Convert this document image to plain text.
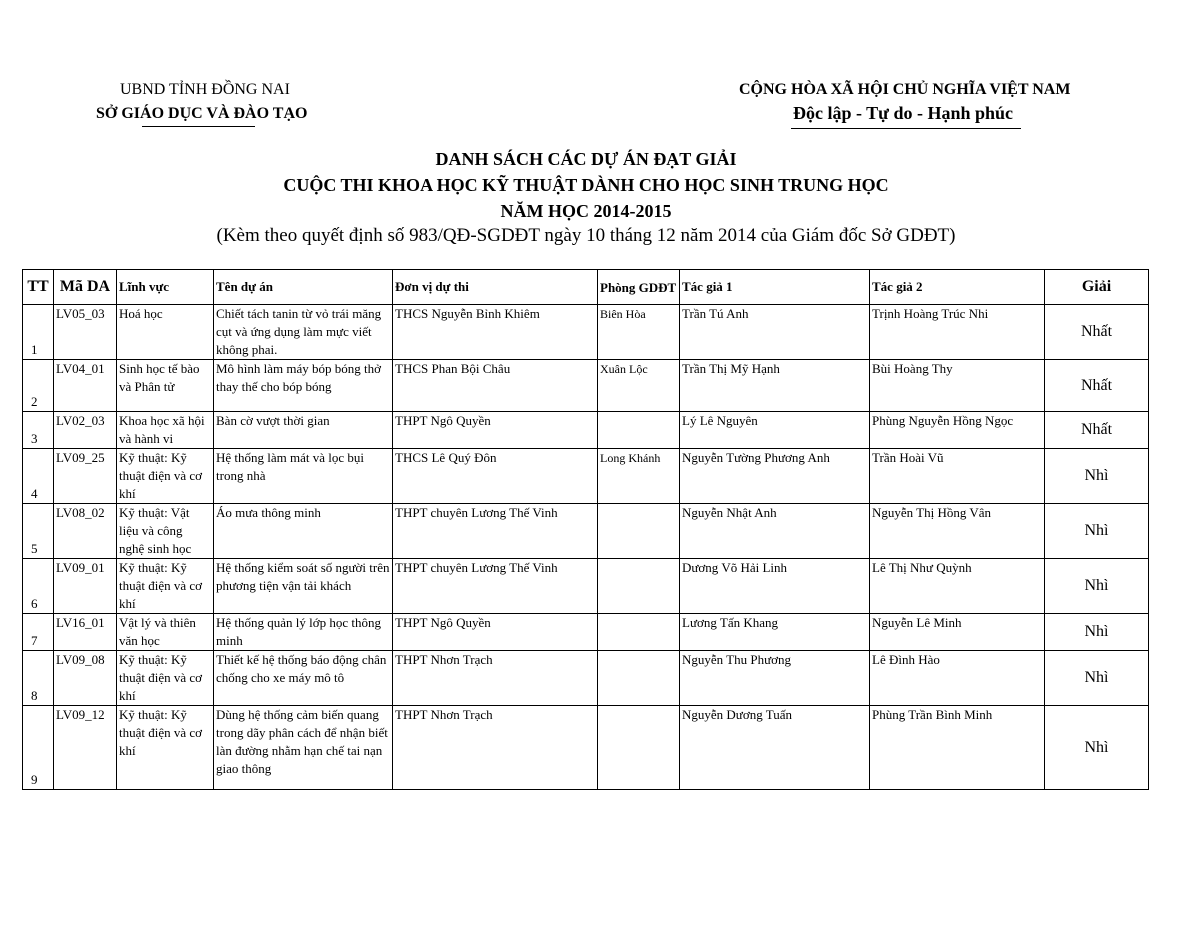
UBND TỈNH ĐỒNG NAI
SỞ GIÁO DỤC VÀ ĐÀO TẠO
CỘNG HÒA XÃ HỘI CHỦ NGHĨA VIỆT NAM
Độc lập - Tự do - Hạnh phúc
DANH SÁCH CÁC DỰ ÁN ĐẠT GIẢI
CUỘC THI KHOA HỌC KỸ THUẬT DÀNH CHO HỌC SINH TRUNG HỌC
NĂM HỌC 2014-2015
(Kèm theo quyết định số 983/QĐ-SGDĐT ngày 10 tháng 12 năm 2014 của Giám đốc Sở GDĐT)
TT	Mã DA	Lĩnh vực	Tên dự án	Đơn vị dự thi	Phòng GDĐT	Tác giả 1	Tác giả 2	Giải
1	LV05_03	Hoá học	Chiết tách tanin từ vỏ trái măng cụt và ứng dụng làm mực viết không phai.	THCS Nguyễn Bỉnh Khiêm	Biên Hòa	Trần Tú Anh	Trịnh Hoàng Trúc Nhi	Nhất
2	LV04_01	Sinh học tế bào và Phân tử	Mô hình làm máy bóp bóng thở thay thế cho bóp bóng	THCS Phan Bội Châu	Xuân Lộc	Trần Thị Mỹ Hạnh	Bùi Hoàng Thy	Nhất
3	LV02_03	Khoa học xã hội và hành vi	Bàn cờ vượt thời gian	THPT Ngô Quyền		Lý Lê Nguyên	Phùng Nguyễn Hồng Ngọc	Nhất
4	LV09_25	Kỹ thuật: Kỹ thuật điện và cơ khí	Hệ thống làm mát và lọc bụi trong nhà	THCS Lê Quý Đôn	Long Khánh	Nguyễn Tường Phương Anh	Trần Hoài Vũ	Nhì
5	LV08_02	Kỹ thuật: Vật liệu và công nghệ sinh học	Áo mưa thông minh	THPT chuyên Lương Thế Vinh		Nguyễn Nhật Anh	Nguyễn Thị Hồng Vân	Nhì
6	LV09_01	Kỹ thuật: Kỹ thuật điện và cơ khí	Hệ thống kiểm soát số người trên phương tiện vận tải khách	THPT chuyên Lương Thế Vinh		Dương Võ Hải Linh	Lê Thị Như Quỳnh	Nhì
7	LV16_01	Vật lý và thiên văn học	Hệ thống quản lý lớp học thông minh	THPT Ngô Quyền		Lương Tấn Khang	Nguyễn Lê Minh	Nhì
8	LV09_08	Kỹ thuật: Kỹ thuật điện và cơ khí	Thiết kế hệ thống báo động chân chống cho xe máy mô tô	THPT Nhơn Trạch		Nguyễn Thu Phương	Lê Đình Hào	Nhì
9	LV09_12	Kỹ thuật: Kỹ thuật điện và cơ khí	Dùng hệ thống cảm biến quang trong dãy phân cách để nhận biết làn đường nhằm hạn chế tai nạn giao thông	THPT Nhơn Trạch		Nguyễn Dương Tuấn	Phùng Trần Bình Minh	Nhì
